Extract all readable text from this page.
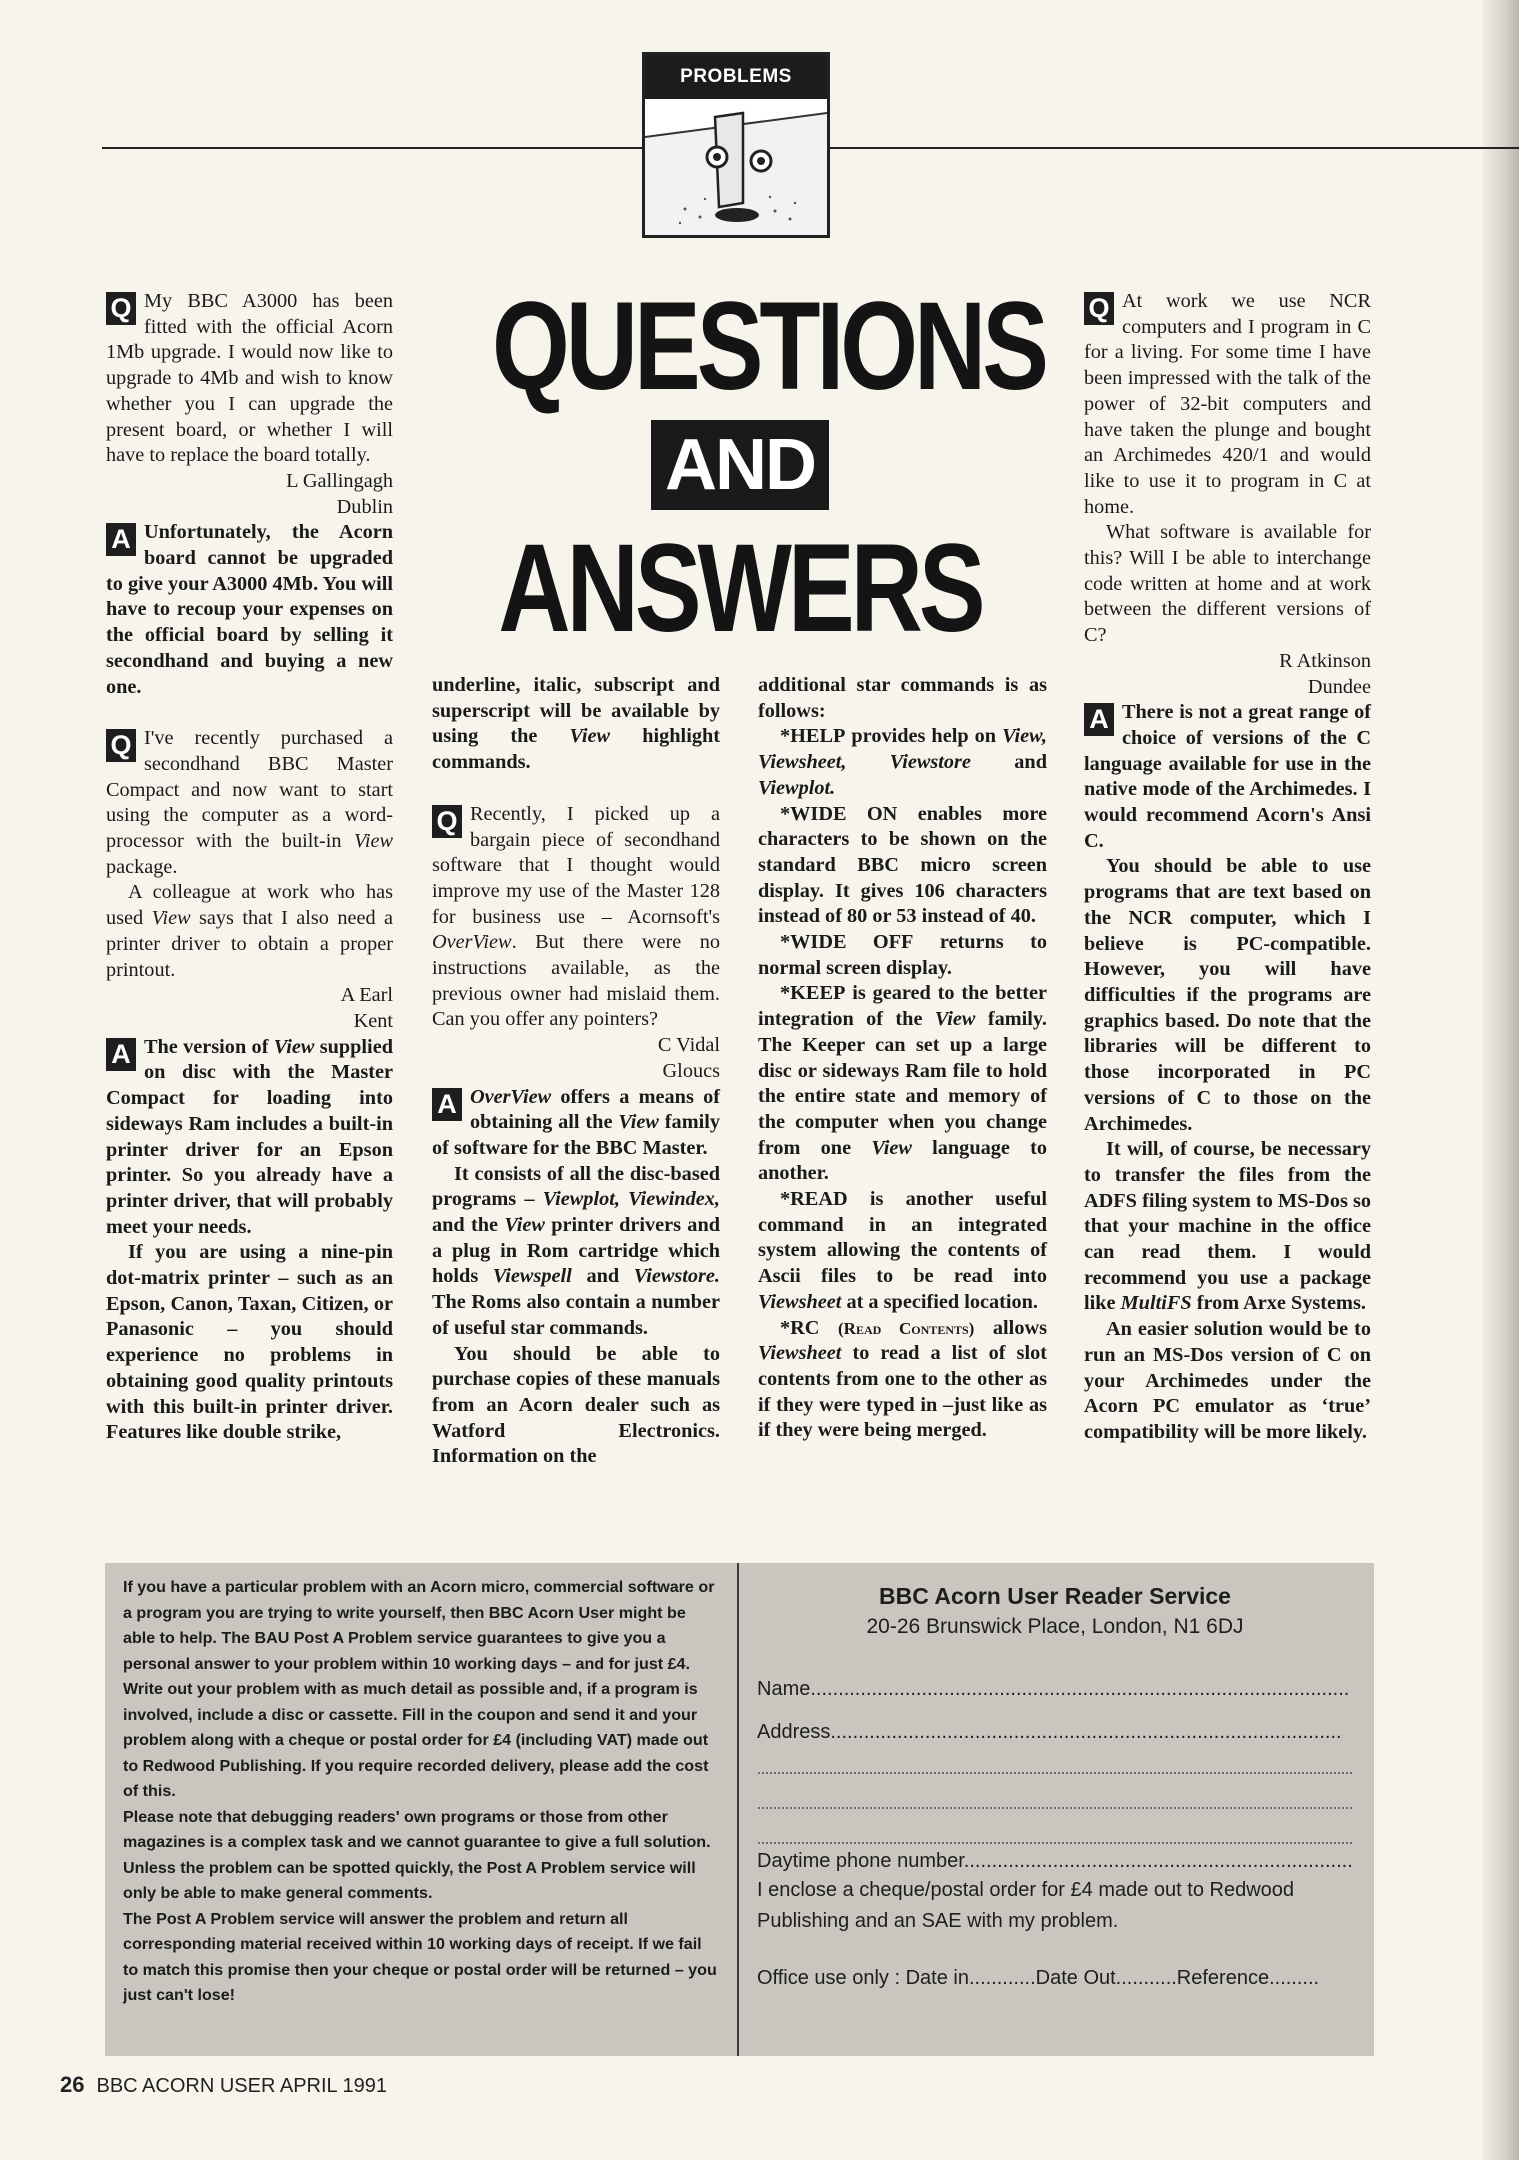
PROBLEMS

Q My BBC A3000 has been fitted with the official Acorn 1Mb upgrade. I would now like to upgrade to 4Mb and wish to know whether you I can upgrade the present board, or whether I will have to replace the board totally.

L Gallingagh

Dublin

A Unfortunately, the Acorn board cannot be upgraded to give your A3000 4Mb. You will have to recoup your expenses on the official board by selling it secondhand and buying a new one.

Q I've recently purchased a secondhand BBC Master Compact and now want to start using the computer as a word-processor with the built-in View package.

A colleague at work who has used View says that I also need a printer driver to obtain a proper printout.

A Earl

Kent

A The version of View supplied on disc with the Master Compact for loading into sideways Ram includes a built-in printer driver for an Epson printer. So you already have a printer driver, that will probably meet your needs.

If you are using a nine-pin dot-matrix printer – such as an Epson, Canon, Taxan, Citizen, or Panasonic – you should experience no problems in obtaining good quality printouts with this built-in printer driver. Features like double strike,

QUESTIONS
AND
ANSWERS

underline, italic, subscript and superscript will be available by using the View highlight commands.

Q Recently, I picked up a bargain piece of secondhand software that I thought would improve my use of the Master 128 for business use – Acornsoft's OverView. But there were no instructions available, as the previous owner had mislaid them. Can you offer any pointers?

C Vidal

Gloucs

A OverView offers a means of obtaining all the View family of software for the BBC Master.

It consists of all the disc-based programs – Viewplot, Viewindex, and the View printer drivers and a plug in Rom cartridge which holds Viewspell and Viewstore. The Roms also contain a number of useful star commands.

You should be able to purchase copies of these manuals from an Acorn dealer such as Watford Electronics. Information on the

additional star commands is as follows:

*HELP provides help on View, Viewsheet, Viewstore and Viewplot.

*WIDE ON enables more characters to be shown on the standard BBC micro screen display. It gives 106 characters instead of 80 or 53 instead of 40.

*WIDE OFF returns to normal screen display.

*KEEP is geared to the better integration of the View family. The Keeper can set up a large disc or sideways Ram file to hold the entire state and memory of the computer when you change from one View language to another.

*READ is another useful command in an integrated system allowing the contents of Ascii files to be read into Viewsheet at a specified location.

*RC (Read Contents) allows Viewsheet to read a list of slot contents from one to the other as if they were typed in –just like as if they were being merged.

Q At work we use NCR computers and I program in C for a living. For some time I have been impressed with the talk of the power of 32-bit computers and have taken the plunge and bought an Archimedes 420/1 and would like to use it to program in C at home.

What software is available for this? Will I be able to interchange code written at home and at work between the different versions of C?

R Atkinson

Dundee

A There is not a great range of choice of versions of the C language available for use in the native mode of the Archimedes. I would recommend Acorn's Ansi C.

You should be able to use programs that are text based on the NCR computer, which I believe is PC-compatible. However, you will have difficulties if the programs are graphics based. Do note that the libraries will be different to those incorporated in PC versions of C to those on the Archimedes.

It will, of course, be necessary to transfer the files from the ADFS filing system to MS-Dos so that your machine in the office can read them. I would recommend you use a package like MultiFS from Arxe Systems.

An easier solution would be to run an MS-Dos version of C on your Archimedes under the Acorn PC emulator as ‘true’ compatibility will be more likely.

If you have a particular problem with an Acorn micro, commercial software or a program you are trying to write yourself, then BBC Acorn User might be able to help. The BAU Post A Problem service guarantees to give you a personal answer to your problem within 10 working days – and for just £4.

Write out your problem with as much detail as possible and, if a program is involved, include a disc or cassette. Fill in the coupon and send it and your problem along with a cheque or postal order for £4 (including VAT) made out to Redwood Publishing. If you require recorded delivery, please add the cost of this.

Please note that debugging readers' own programs or those from other magazines is a complex task and we cannot guarantee to give a full solution. Unless the problem can be spotted quickly, the Post A Problem service will only be able to make general comments.

The Post A Problem service will answer the problem and return all corresponding material received within 10 working days of receipt. If we fail to match this promise then your cheque or postal order will be returned – you just can't lose!

BBC Acorn User Reader Service
20-26 Brunswick Place, London, N1 6DJ
Name.................................................................................................
Address............................................................................................
Daytime phone number......................................................................
I enclose a cheque/postal order for £4 made out to Redwood Publishing and an SAE with my problem.
Office use only : Date in............Date Out...........Reference.........
26 BBC ACORN USER APRIL 1991
